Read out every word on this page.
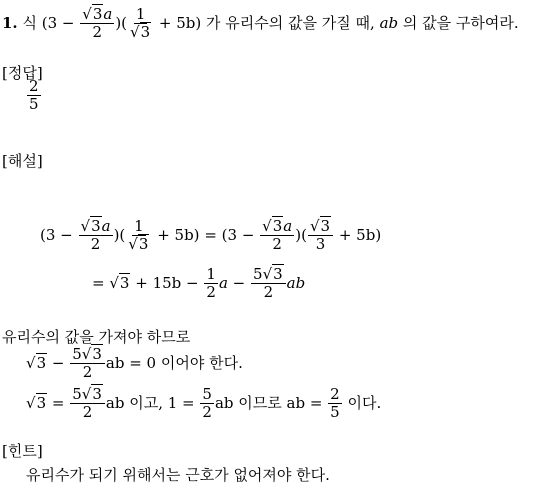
1. 식 ($3 - \frac{√3a}{2}$ )( $\frac{1}{√3} + 5b$) 가 유리수의 값을 가질 때, ab 의 값을 구하여라.
[정답]
$\frac{2}{5}$
[해설]
($3 - \frac{√3a}{2}$ )( $\frac{1}{√3} + 5b) = (3 - \frac{√3a}{2}$ )( $\frac{√3}{3} + 5b$)
= $√3 + 15b - \frac{1}{2}$ $a - \frac{5√3}{2}$ ab
유리수의 값을 가져야 하므로
$√3 - \frac{5√3}{2}$ ab = 0 이어야 한다.
$√3 = \frac{5√3}{2}$ ab 이고, $1 = \frac{5}{2}$ ab 이므로 ab = $\frac{2}{5}$ 이다.
[힌트]
유리수가 되기 위해서는 근호가 없어져야 한다.
